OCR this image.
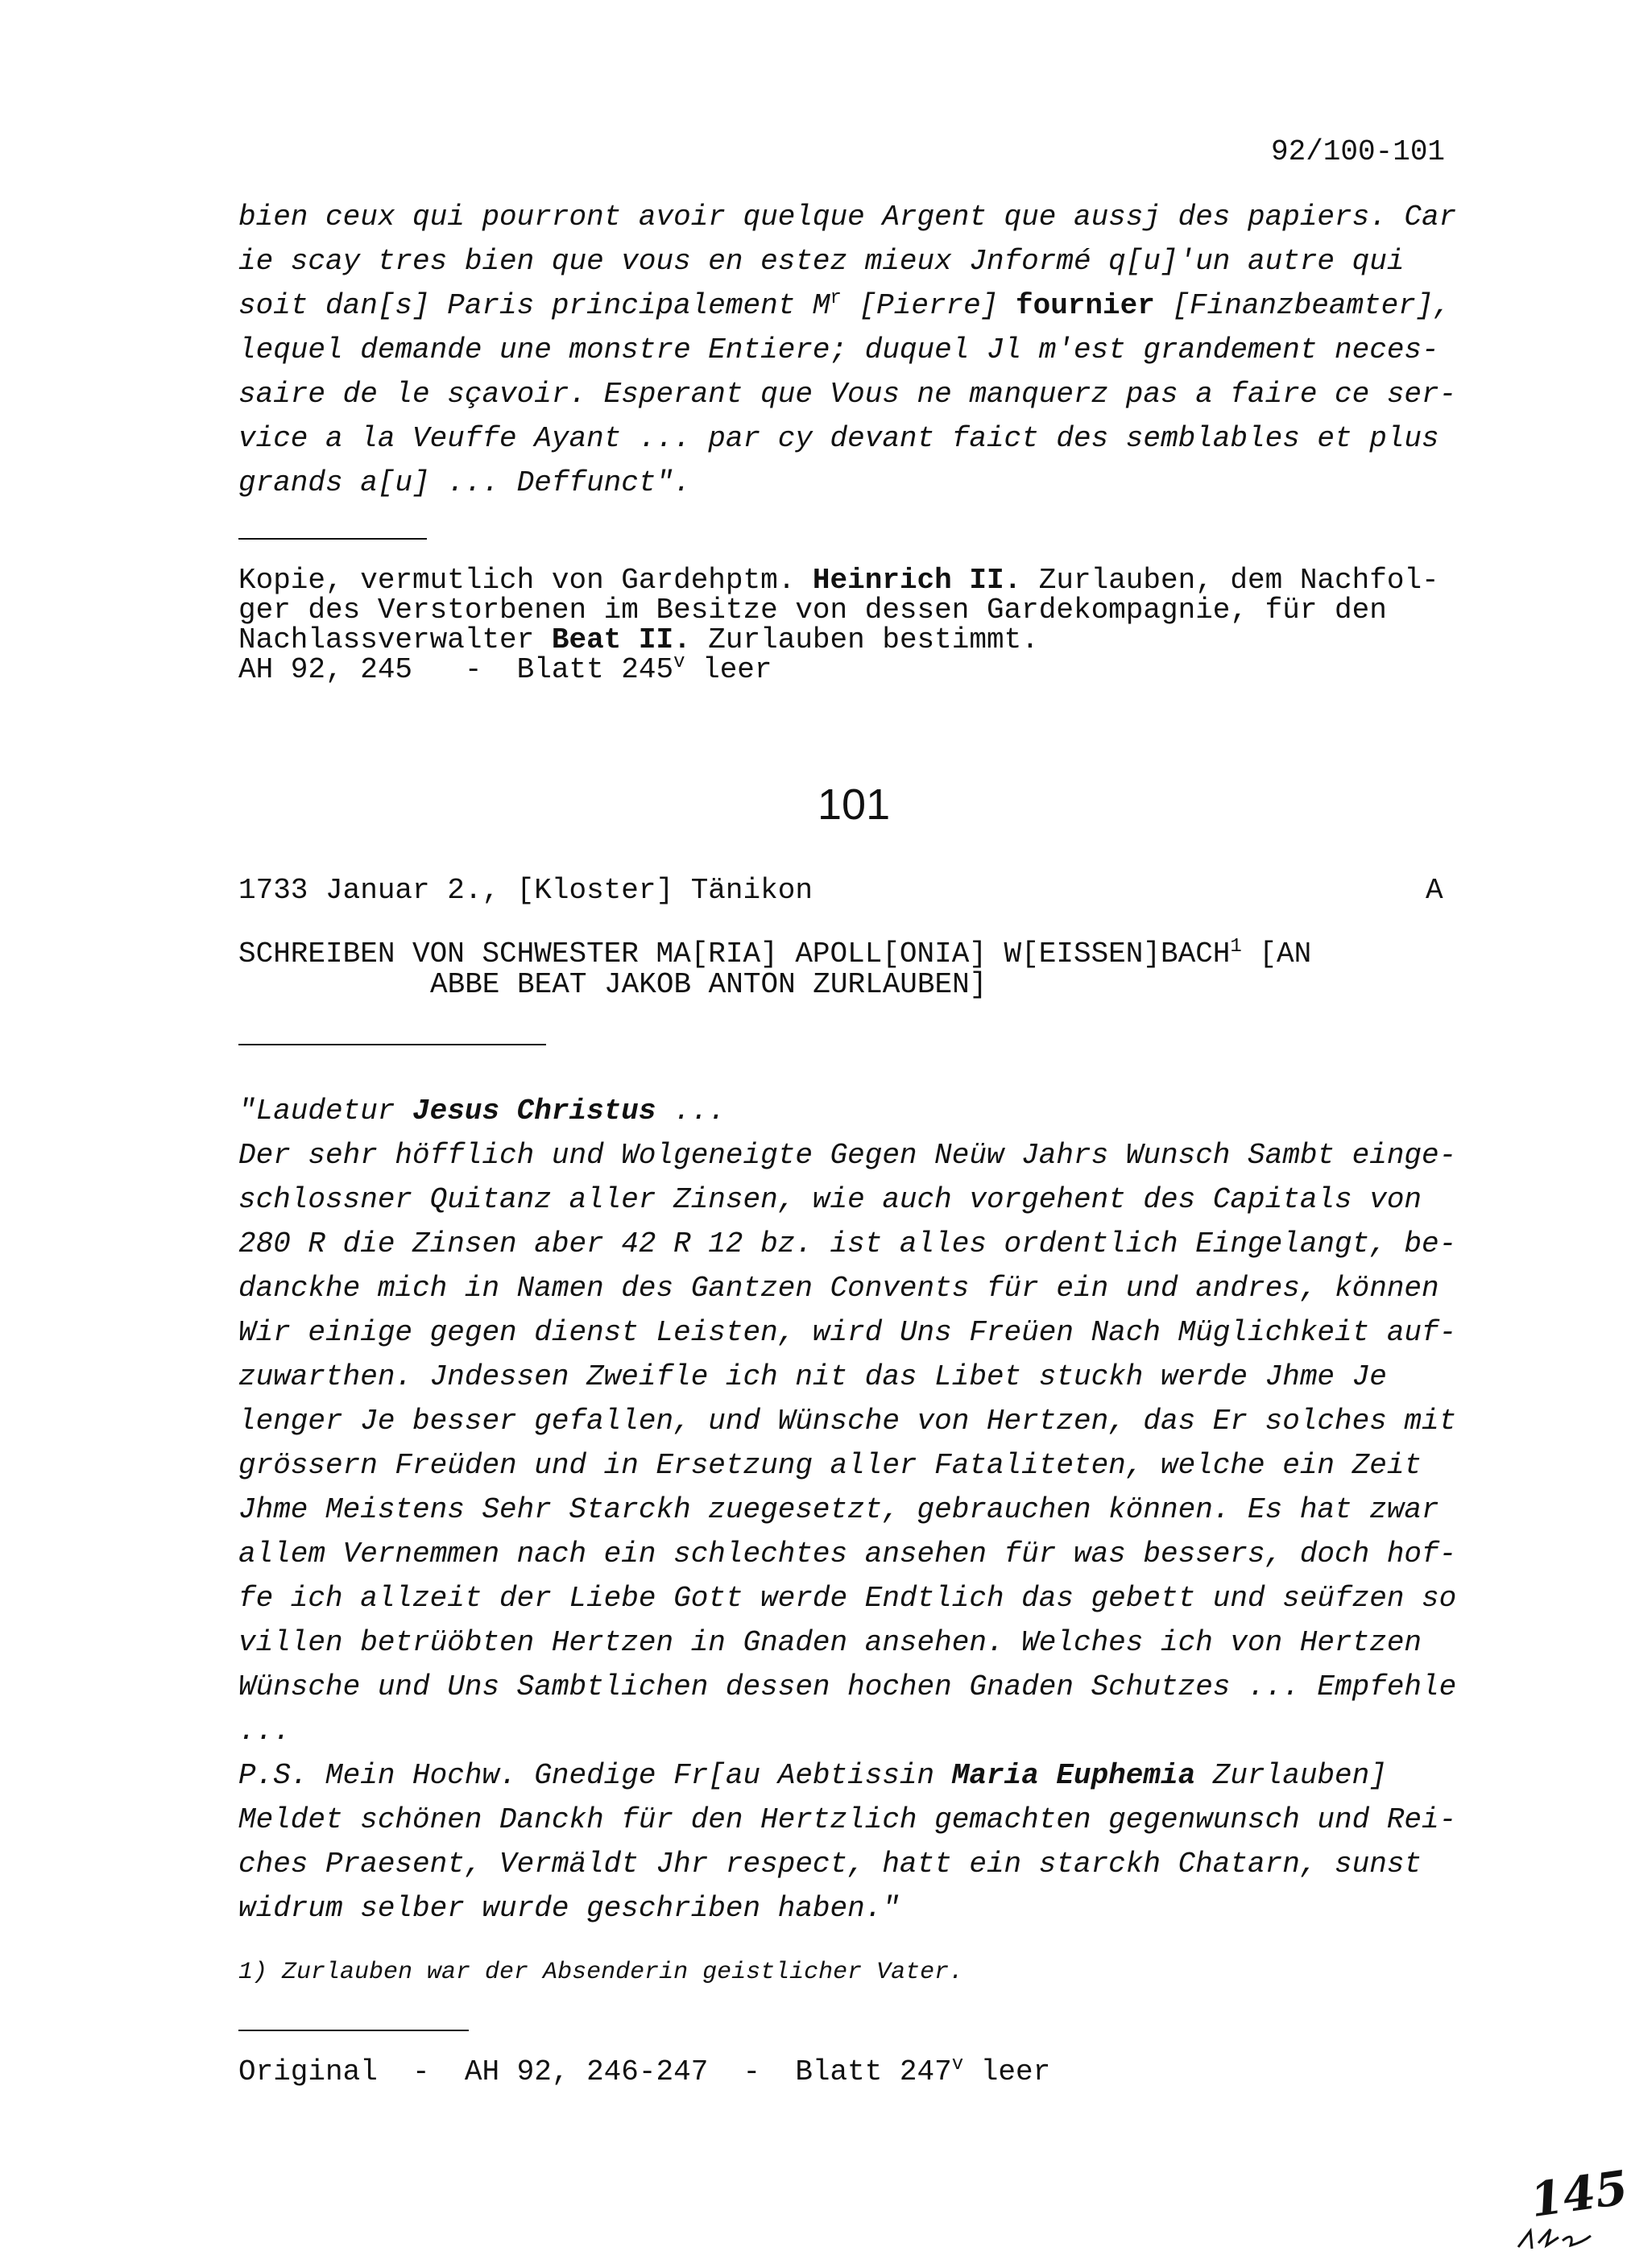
92/100-101
bien ceux qui pourront avoir quelque Argent que aussj des papiers. Car
ie scay tres bien que vous en estez mieux Jnformé q[u]'un autre qui
soit dan[s] Paris principalement $M^r$ [Pierre] fournier [Finanzbeamter],
lequel demande une monstre Entiere; duquel Jl m'est grandement neces-
saire de le sçavoir. Esperant que Vous ne manquerz pas a faire ce ser-
vice a la Veuffe Ayant ... par cy devant faict des semblables et plus
grands a[u] ... Deffunct".
Kopie, vermutlich von Gardehptm. Heinrich II. Zurlauben, dem Nachfol-
ger des Verstorbenen im Besitze von dessen Gardekompagnie, für den
Nachlassverwalter Beat II. Zurlauben bestimmt.
AH 92, 245   -  Blatt 245$^v$ leer
101
1733 Januar 2., [Kloster] Tänikon	A
SCHREIBEN VON SCHWESTER MA[RIA] APOLL[ONIA] W[EISSEN]BACH$^1$ [AN
ABBE BEAT JAKOB ANTON ZURLAUBEN]
"Laudetur Jesus Christus ...
Der sehr höfflich und Wolgeneigte Gegen Neüw Jahrs Wunsch Sambt einge-
schlossner Quitanz aller Zinsen, wie auch vorgehent des Capitals von
280 R die Zinsen aber 42 R 12 bz. ist alles ordentlich Eingelangt, be-
danckhe mich in Namen des Gantzen Convents für ein und andres, können
Wir einige gegen dienst Leisten, wird Uns Freüen Nach Müglichkeit auf-
zuwarthen. Jndessen Zweifle ich nit das Libet stuckh werde Jhme Je
lenger Je besser gefallen, und Wünsche von Hertzen, das Er solches mit
grössern Freüden und in Ersetzung aller Fataliteten, welche ein Zeit
Jhme Meistens Sehr Starckh zuegesetzt, gebrauchen können. Es hat zwar
allem Vernemmen nach ein schlechtes ansehen für was bessers, doch hof-
fe ich allzeit der Liebe Gott werde Endtlich das gebett und seüfzen so
villen betrüöbten Hertzen in Gnaden ansehen. Welches ich von Hertzen
Wünsche und Uns Sambtlichen dessen hochen Gnaden Schutzes ... Empfehle
...
P.S. Mein Hochw. Gnedige Fr[au Aebtissin Maria Euphemia Zurlauben]
Meldet schönen Danckh für den Hertzlich gemachten gegenwunsch und Rei-
ches Praesent, Vermäldt Jhr respect, hatt ein starckh Chatarn, sunst
widrum selber wurde geschriben haben."
1) Zurlauben war der Absenderin geistlicher Vater.
Original  -  AH 92, 246-247  -  Blatt 247$^v$ leer
145
